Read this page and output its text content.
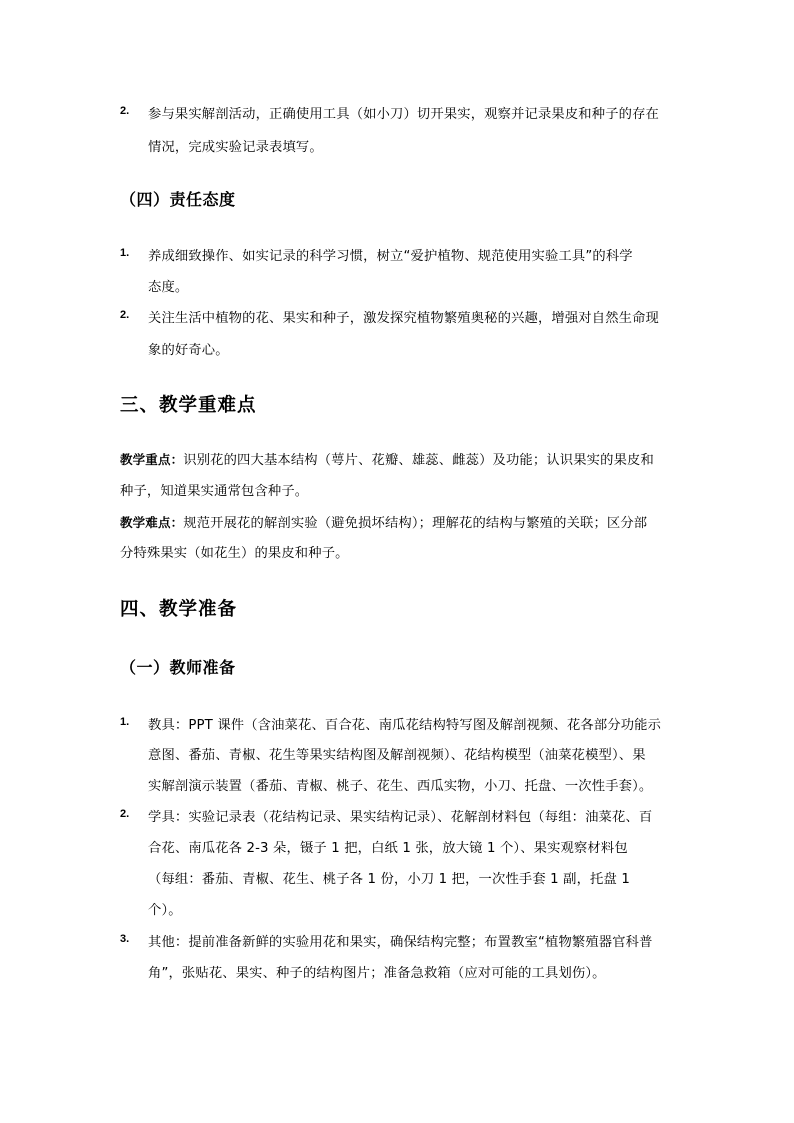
2. 参与果实解剖活动，正确使用工具（如小刀）切开果实，观察并记录果皮和种子的存在
情况，完成实验记录表填写。
（四）责任态度
1. 养成细致操作、如实记录的科学习惯，树立“爱护植物、规范使用实验工具”的科学
态度。
2. 关注生活中植物的花、果实和种子，激发探究植物繁殖奥秘的兴趣，增强对自然生命现
象的好奇心。
三、教学重难点
教学重点：识别花的四大基本结构（萼片、花瓣、雄蕊、雌蕊）及功能；认识果实的果皮和
种子，知道果实通常包含种子。
教学难点：规范开展花的解剖实验（避免损坏结构）；理解花的结构与繁殖的关联；区分部
分特殊果实（如花生）的果皮和种子。
四、教学准备
（一）教师准备
1. 教具：PPT 课件（含油菜花、百合花、南瓜花结构特写图及解剖视频、花各部分功能示
意图、番茄、青椒、花生等果实结构图及解剖视频）、花结构模型（油菜花模型）、果
实解剖演示装置（番茄、青椒、桃子、花生、西瓜实物，小刀、托盘、一次性手套）。
2. 学具：实验记录表（花结构记录、果实结构记录）、花解剖材料包（每组：油菜花、百
合花、南瓜花各 2-3 朵，镊子 1 把，白纸 1 张，放大镜 1 个）、果实观察材料包
（每组：番茄、青椒、花生、桃子各 1 份，小刀 1 把，一次性手套 1 副，托盘 1
个）。
3. 其他：提前准备新鲜的实验用花和果实，确保结构完整；布置教室“植物繁殖器官科普
角”，张贴花、果实、种子的结构图片；准备急救箱（应对可能的工具划伤）。
